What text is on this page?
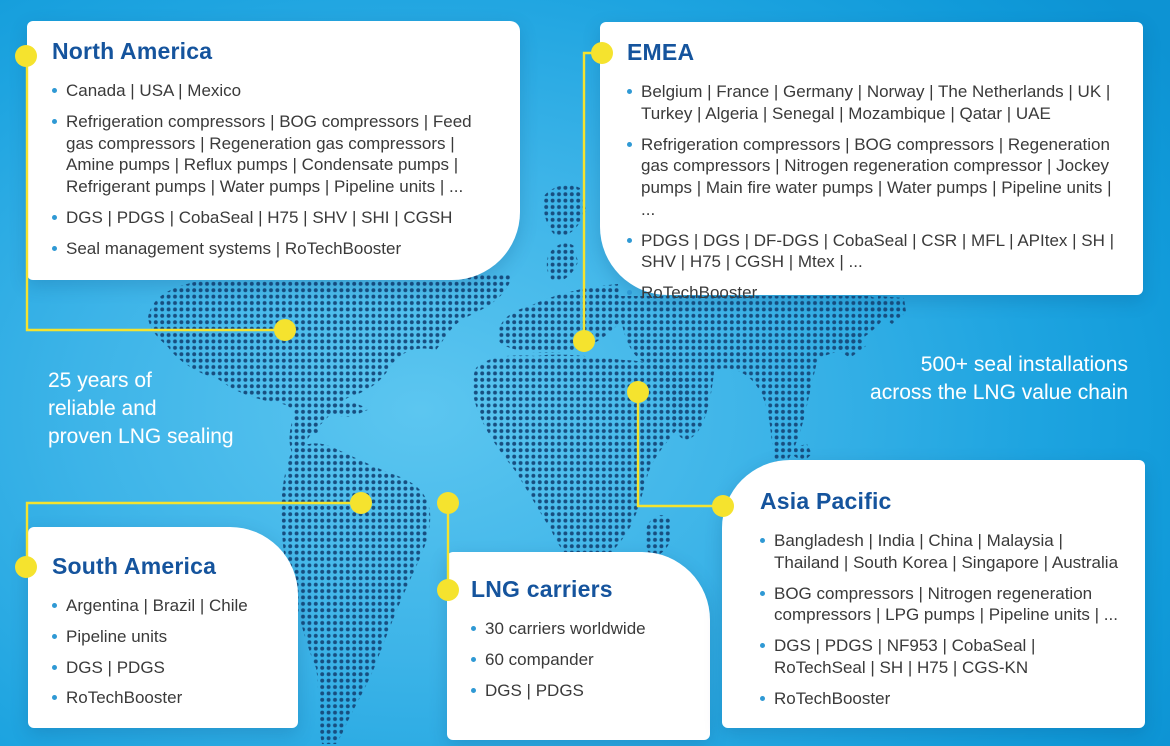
North America
Canada | USA | Mexico
Refrigeration compressors | BOG compressors | Feed gas compressors | Regeneration gas compressors | Amine pumps | Reflux pumps | Condensate pumps | Refrigerant pumps | Water pumps | Pipeline units | ...
DGS | PDGS | CobaSeal | H75 | SHV | SHI | CGSH
Seal management systems | RoTechBooster
EMEA
Belgium | France | Germany | Norway | The Netherlands | UK | Turkey | Algeria | Senegal | Mozambique | Qatar | UAE
Refrigeration compressors | BOG compressors | Regeneration gas compressors | Nitrogen regeneration compressor | Jockey pumps | Main fire water pumps | Water pumps | Pipeline units | ...
PDGS | DGS | DF-DGS | CobaSeal | CSR | MFL | APItex | SH | SHV | H75 | CGSH | Mtex | ...
RoTechBooster
South America
Argentina | Brazil | Chile
Pipeline units
DGS | PDGS
RoTechBooster
LNG carriers
30 carriers worldwide
60 compander
DGS | PDGS
Asia Pacific
Bangladesh | India | China | Malaysia | Thailand | South Korea | Singapore | Australia
BOG compressors | Nitrogen regeneration compressors | LPG pumps | Pipeline units | ...
DGS | PDGS | NF953 | CobaSeal | RoTechSeal | SH | H75 | CGS-KN
RoTechBooster
25 years of
reliable and
proven LNG sealing
500+ seal installations
across the LNG value chain
